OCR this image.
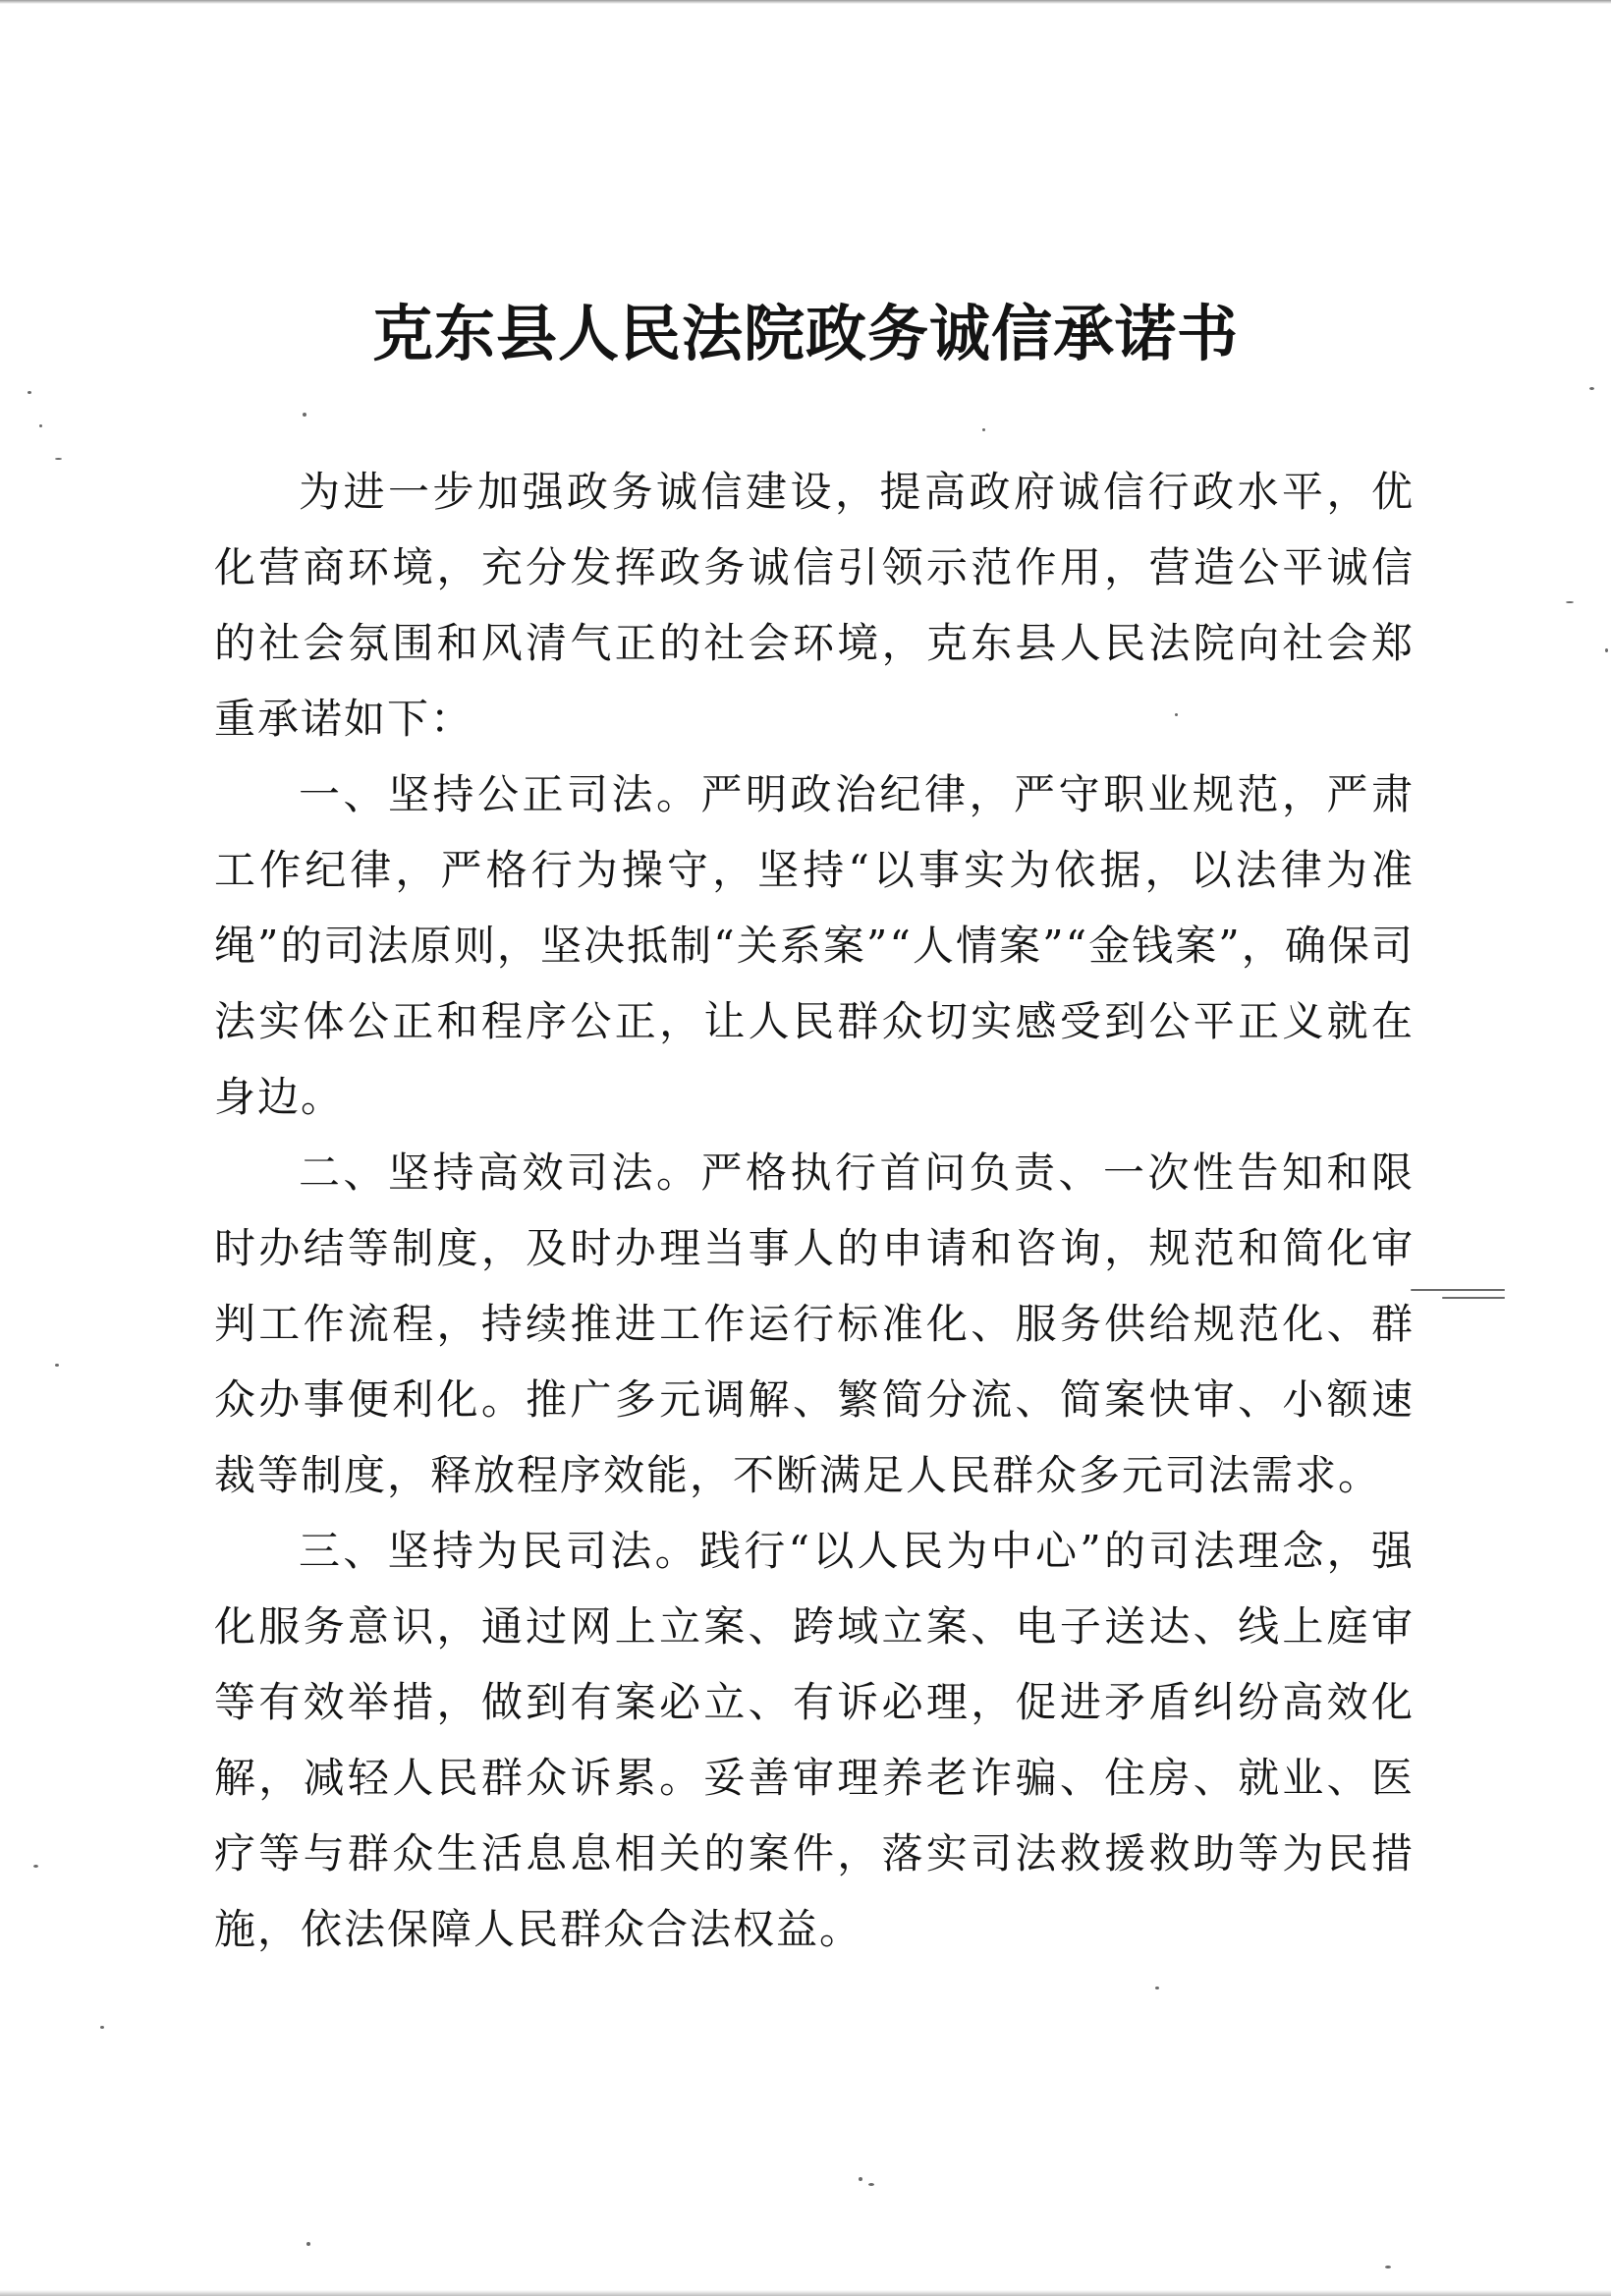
克东县人民法院政务诚信承诺书

为进一步加强政务诚信建设，提高政府诚信行政水平，优化营商环境，充分发挥政务诚信引领示范作用，营造公平诚信的社会氛围和风清气正的社会环境，克东县人民法院向社会郑重承诺如下：

一、坚持公正司法。严明政治纪律，严守职业规范，严肃工作纪律，严格行为操守，坚持“以事实为依据，以法律为准绳”的司法原则，坚决抵制“关系案”“人情案”“金钱案”，确保司法实体公正和程序公正，让人民群众切实感受到公平正义就在身边。

二、坚持高效司法。严格执行首问负责、一次性告知和限时办结等制度，及时办理当事人的申请和咨询，规范和简化审判工作流程，持续推进工作运行标准化、服务供给规范化、群众办事便利化。推广多元调解、繁简分流、简案快审、小额速裁等制度，释放程序效能，不断满足人民群众多元司法需求。

三、坚持为民司法。践行“以人民为中心”的司法理念，强化服务意识，通过网上立案、跨域立案、电子送达、线上庭审等有效举措，做到有案必立、有诉必理，促进矛盾纠纷高效化解，减轻人民群众诉累。妥善审理养老诈骗、住房、就业、医疗等与群众生活息息相关的案件，落实司法救援救助等为民措施，依法保障人民群众合法权益。
